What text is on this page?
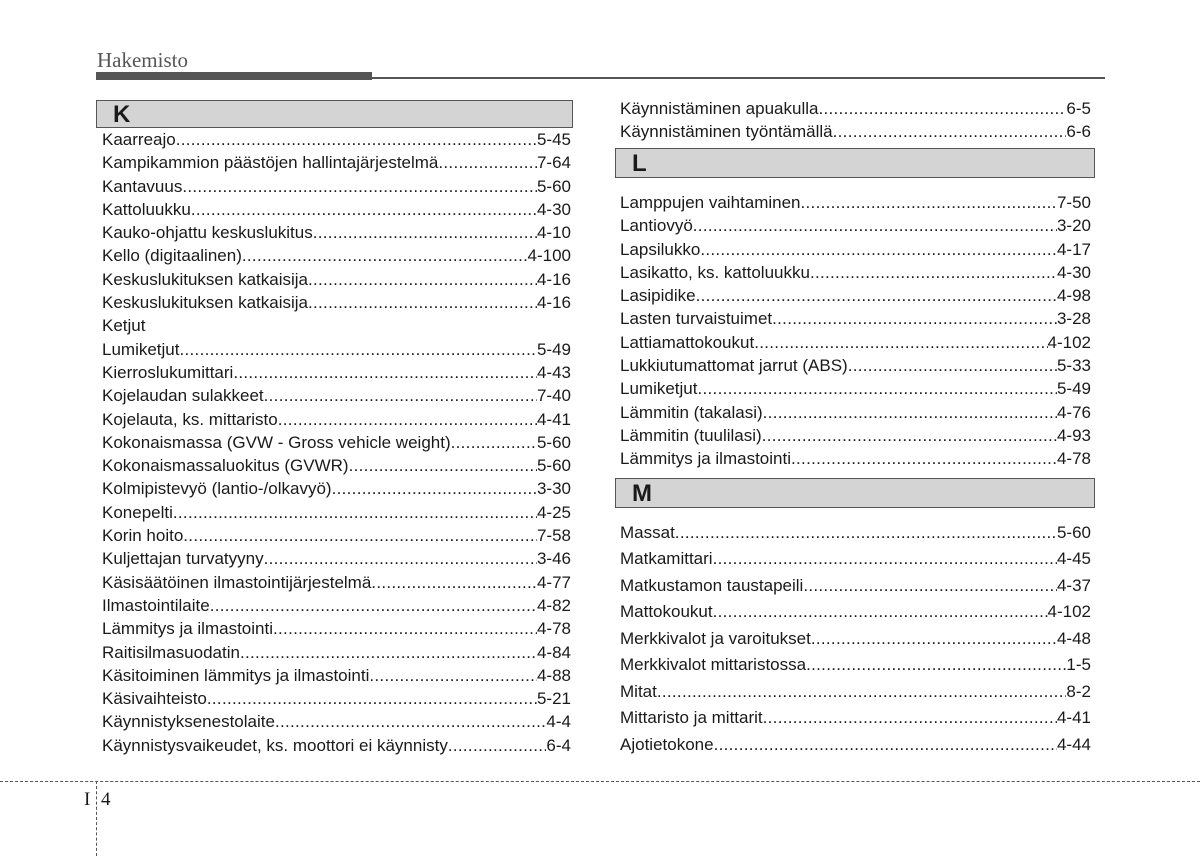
Hakemisto
K
Kaarreajo .....	5-45
Kampikammion päästöjen hallintajärjestelmä .....	7-64
Kantavuus .....	5-60
Kattoluukku .....	4-30
Kauko-ohjattu keskuslukitus .....	4-10
Kello (digitaalinen) .....	4-100
Keskuslukituksen katkaisija .....	4-16
Keskuslukituksen katkaisija .....	4-16
Ketjut
Lumiketjut .....	5-49
Kierroslukumittari .....	4-43
Kojelaudan sulakkeet .....	7-40
Kojelauta, ks. mittaristo .....	4-41
Kokonaismassa (GVW - Gross vehicle weight) .....	5-60
Kokonaismassaluokitus (GVWR) .....	5-60
Kolmipistevyö (lantio-/olkavyö) .....	3-30
Konepelti .....	4-25
Korin hoito .....	7-58
Kuljettajan turvatyyny .....	3-46
Käsisäätöinen ilmastointijärjestelmä .....	4-77
Ilmastointilaite .....	4-82
Lämmitys ja ilmastointi .....	4-78
Raitisilmasuodatin .....	4-84
Käsitoiminen lämmitys ja ilmastointi .....	4-88
Käsivaihteisto .....	5-21
Käynnistyksenestolaite .....	4-4
Käynnistysvaikeudet, ks. moottori ei käynnisty .....	6-4
Käynnistäminen apuakulla .....	6-5
Käynnistäminen työntämällä .....	6-6
L
Lamppujen vaihtaminen .....	7-50
Lantiovyö .....	3-20
Lapsilukko .....	4-17
Lasikatto, ks. kattoluukku .....	4-30
Lasipidike .....	4-98
Lasten turvaistuimet .....	3-28
Lattiamattokoukut .....	4-102
Lukkiutumattomat jarrut (ABS) .....	5-33
Lumiketjut .....	5-49
Lämmitin (takalasi) .....	4-76
Lämmitin (tuulilasi) .....	4-93
Lämmitys ja ilmastointi .....	4-78
M
Massat .....	5-60
Matkamittari .....	4-45
Matkustamon taustapeili .....	4-37
Mattokoukut .....	4-102
Merkkivalot ja varoitukset .....	4-48
Merkkivalot mittaristossa .....	1-5
Mitat .....	8-2
Mittaristo ja mittarit .....	4-41
Ajotietokone .....	4-44
I 4
